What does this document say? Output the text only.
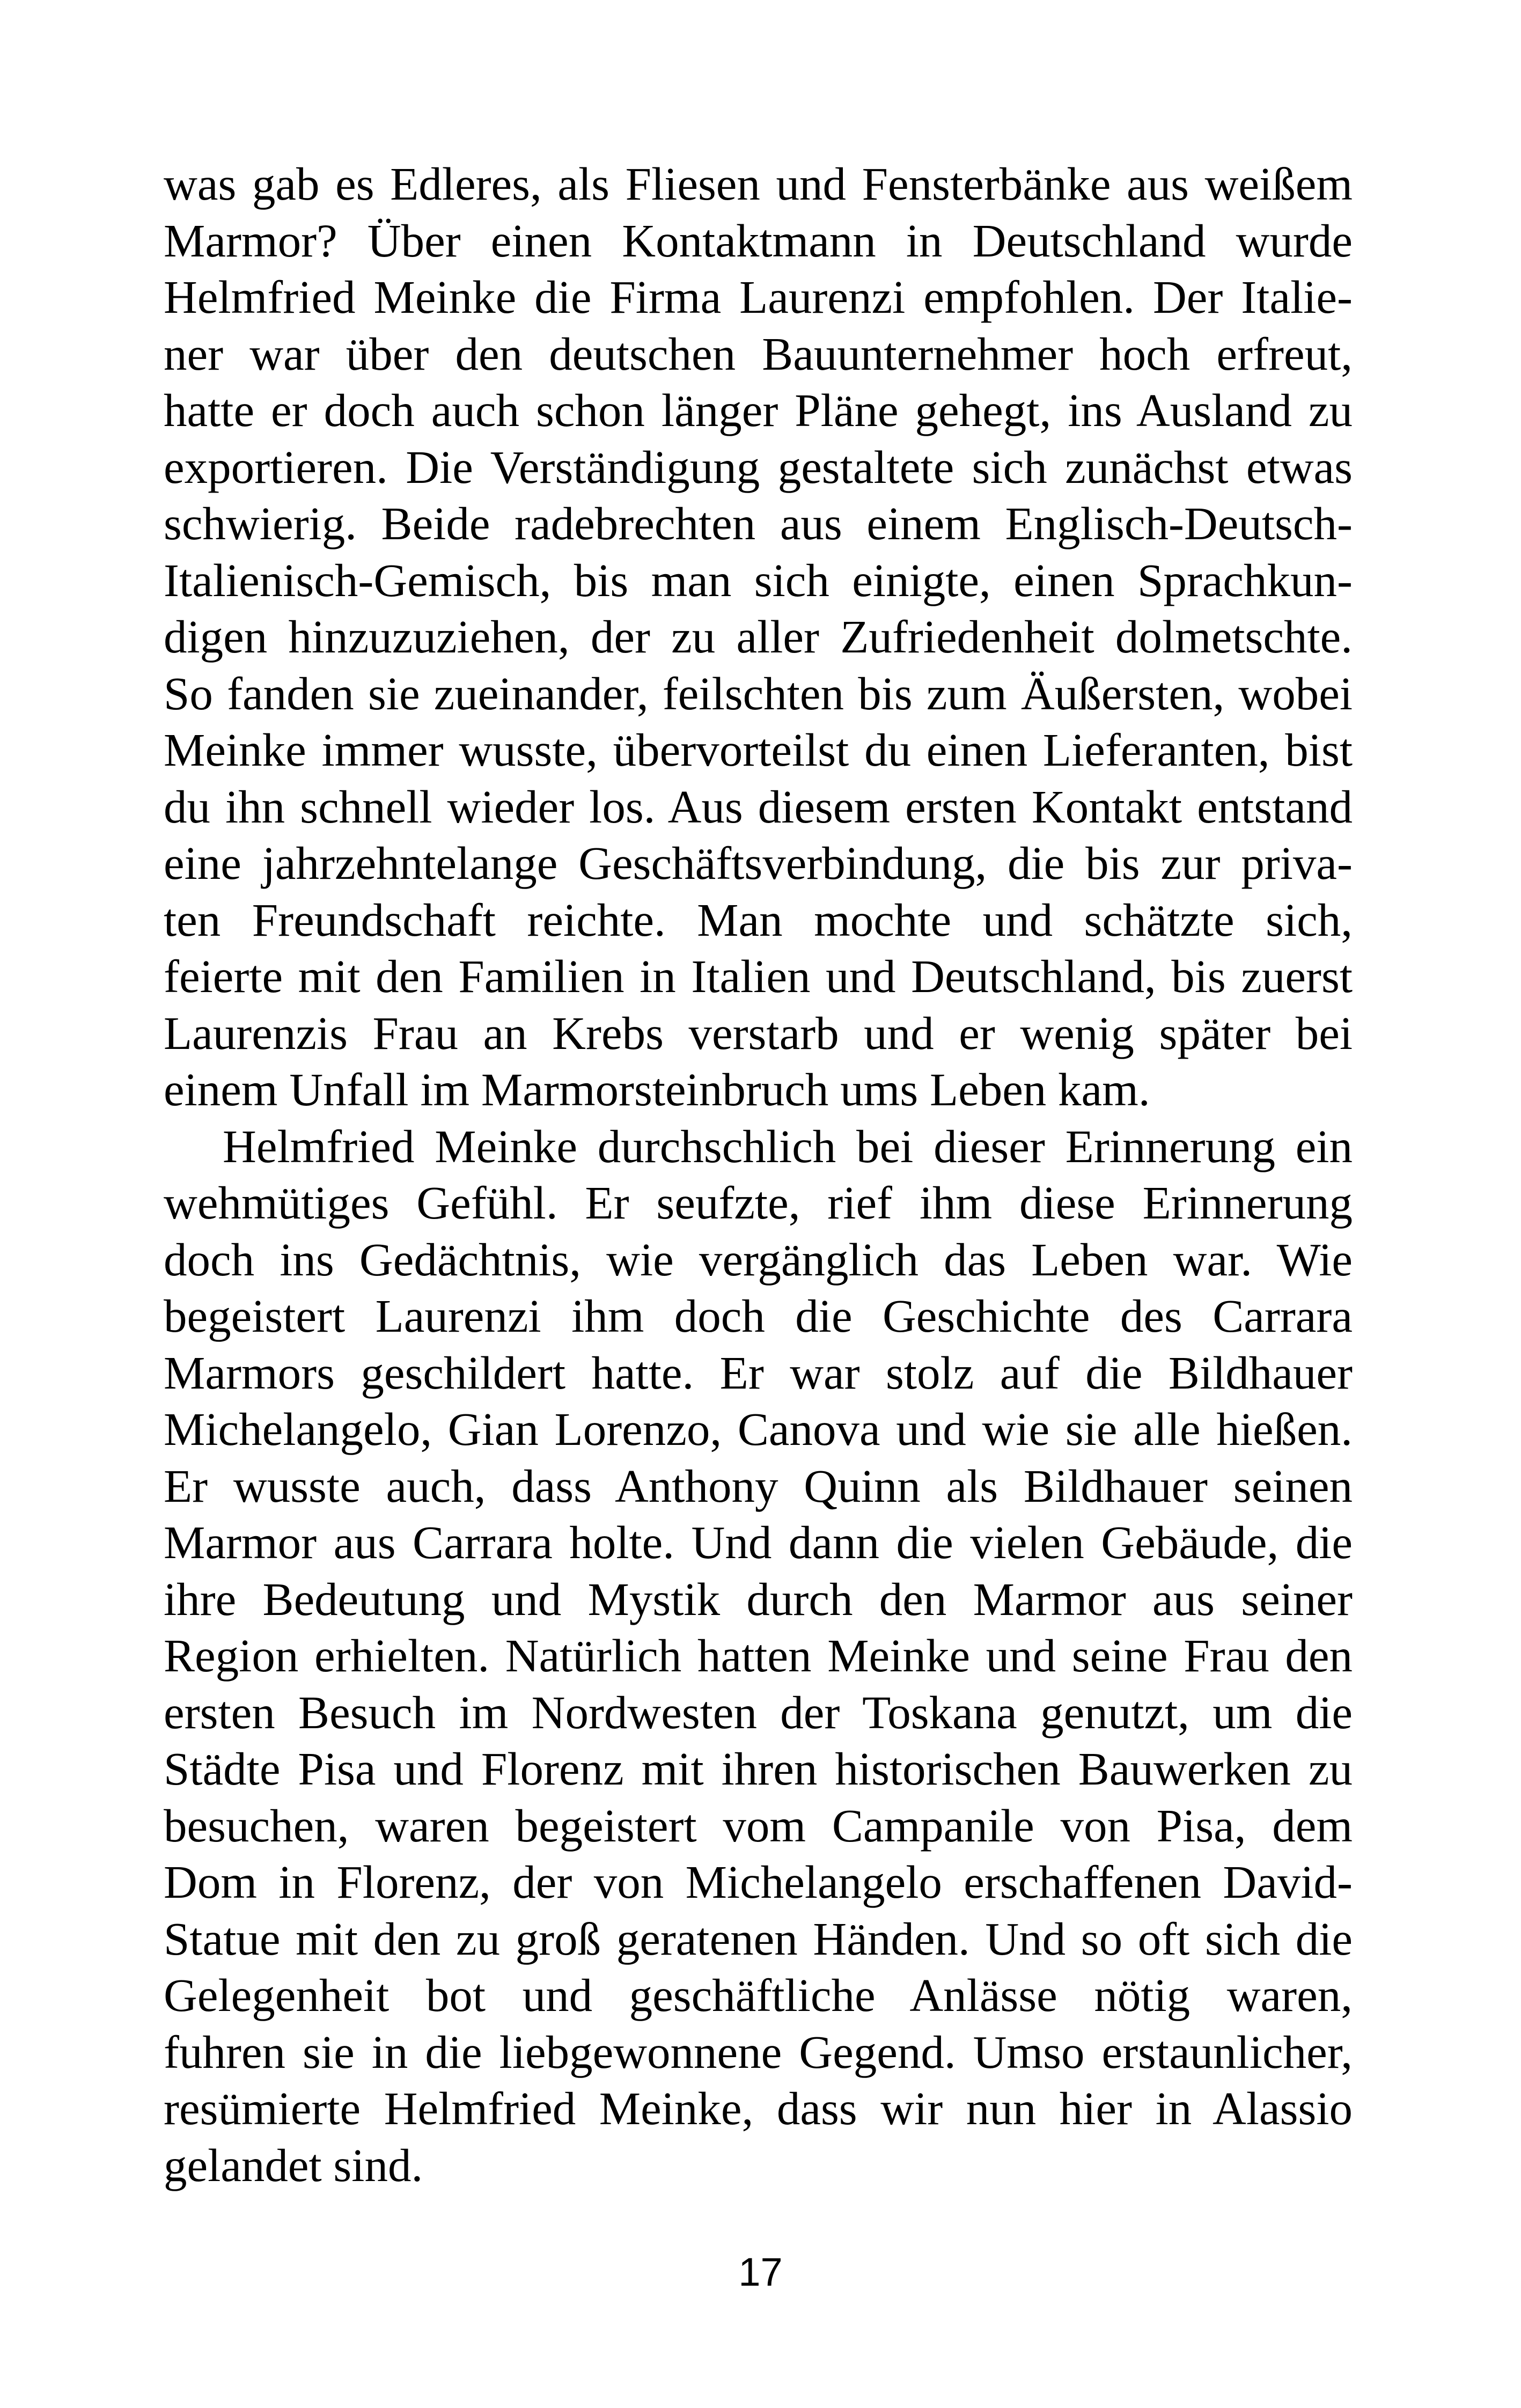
was gab es Edleres, als Fliesen und Fensterbänke aus weißem
Marmor? Über einen Kontaktmann in Deutschland wurde
Helmfried Meinke die Firma Laurenzi empfohlen. Der Italie-
ner war über den deutschen Bauunternehmer hoch erfreut,
hatte er doch auch schon länger Pläne gehegt, ins Ausland zu
exportieren. Die Verständigung gestaltete sich zunächst etwas
schwierig. Beide radebrechten aus einem Englisch-Deutsch-
Italienisch-Gemisch, bis man sich einigte, einen Sprachkun-
digen hinzuzuziehen, der zu aller Zufriedenheit dolmetschte.
So fanden sie zueinander, feilschten bis zum Äußersten, wobei
Meinke immer wusste, übervorteilst du einen Lieferanten, bist
du ihn schnell wieder los. Aus diesem ersten Kontakt entstand
eine jahrzehntelange Geschäftsverbindung, die bis zur priva-
ten Freundschaft reichte. Man mochte und schätzte sich,
feierte mit den Familien in Italien und Deutschland, bis zuerst
Laurenzis Frau an Krebs verstarb und er wenig später bei
einem Unfall im Marmorsteinbruch ums Leben kam.
Helmfried Meinke durchschlich bei dieser Erinnerung ein
wehmütiges Gefühl. Er seufzte, rief ihm diese Erinnerung
doch ins Gedächtnis, wie vergänglich das Leben war. Wie
begeistert Laurenzi ihm doch die Geschichte des Carrara
Marmors geschildert hatte. Er war stolz auf die Bildhauer
Michelangelo, Gian Lorenzo, Canova und wie sie alle hießen.
Er wusste auch, dass Anthony Quinn als Bildhauer seinen
Marmor aus Carrara holte. Und dann die vielen Gebäude, die
ihre Bedeutung und Mystik durch den Marmor aus seiner
Region erhielten. Natürlich hatten Meinke und seine Frau den
ersten Besuch im Nordwesten der Toskana genutzt, um die
Städte Pisa und Florenz mit ihren historischen Bauwerken zu
besuchen, waren begeistert vom Campanile von Pisa, dem
Dom in Florenz, der von Michelangelo erschaffenen David-
Statue mit den zu groß geratenen Händen. Und so oft sich die
Gelegenheit bot und geschäftliche Anlässe nötig waren,
fuhren sie in die liebgewonnene Gegend. Umso erstaunlicher,
resümierte Helmfried Meinke, dass wir nun hier in Alassio
gelandet sind.
17
